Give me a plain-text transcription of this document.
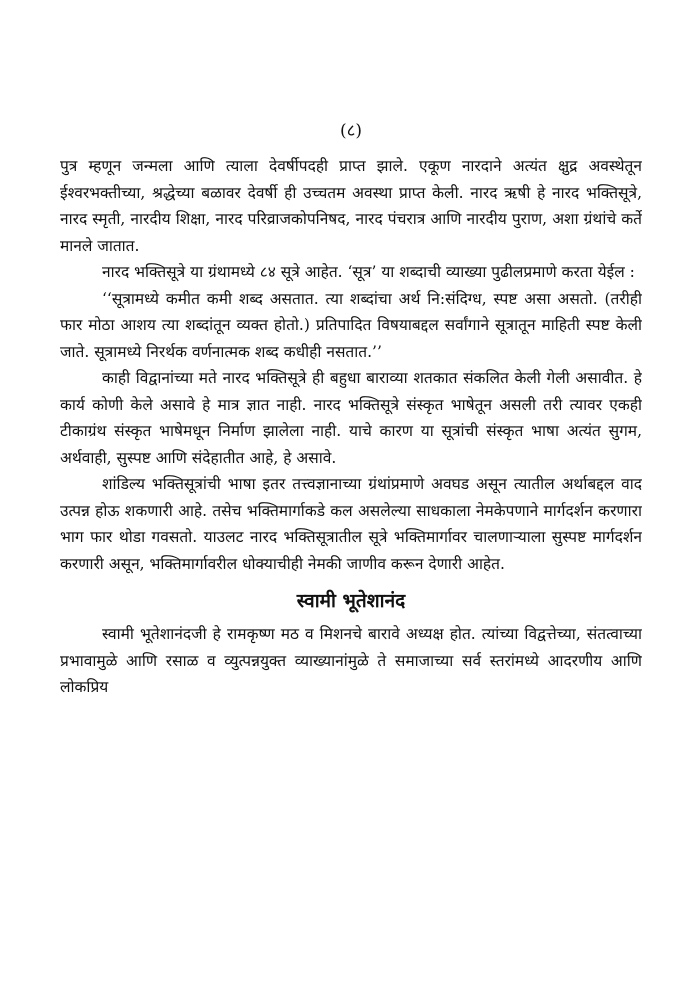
(८)

पुत्र म्हणून जन्मला आणि त्याला देवर्षीपदही प्राप्त झाले. एकूण नारदाने अत्यंत क्षुद्र अवस्थेतून ईश्वरभक्तीच्या, श्रद्धेच्या बळावर देवर्षी ही उच्चतम अवस्था प्राप्त केली. नारद ऋषी हे नारद भक्तिसूत्रे, नारद स्मृती, नारदीय शिक्षा, नारद परिव्राजकोपनिषद, नारद पंचरात्र आणि नारदीय पुराण, अशा ग्रंथांचे कर्ते मानले जातात.

नारद भक्तिसूत्रे या ग्रंथामध्ये ८४ सूत्रे आहेत. ‘सूत्र’ या शब्दाची व्याख्या पुढीलप्रमाणे करता येईल :

‘‘सूत्रामध्ये कमीत कमी शब्द असतात. त्या शब्दांचा अर्थ नि:संदिग्ध, स्पष्ट असा असतो. (तरीही फार मोठा आशय त्या शब्दांतून व्यक्त होतो.) प्रतिपादित विषयाबद्दल सर्वांगाने सूत्रातून माहिती स्पष्ट केली जाते. सूत्रामध्ये निरर्थक वर्णनात्मक शब्द कधीही नसतात.’’

काही विद्वानांच्या मते नारद भक्तिसूत्रे ही बहुधा बाराव्या शतकात संकलित केली गेली असावीत. हे कार्य कोणी केले असावे हे मात्र ज्ञात नाही. नारद भक्तिसूत्रे संस्कृत भाषेतून असली तरी त्यावर एकही टीकाग्रंथ संस्कृत भाषेमधून निर्माण झालेला नाही. याचे कारण या सूत्रांची संस्कृत भाषा अत्यंत सुगम, अर्थवाही, सुस्पष्ट आणि संदेहातीत आहे, हे असावे.

शांडिल्य भक्तिसूत्रांची भाषा इतर तत्त्वज्ञानाच्या ग्रंथांप्रमाणे अवघड असून त्यातील अर्थाबद्दल वाद उत्पन्न होऊ शकणारी आहे. तसेच भक्तिमार्गाकडे कल असलेल्या साधकाला नेमकेपणाने मार्गदर्शन करणारा भाग फार थोडा गवसतो. याउलट नारद भक्तिसूत्रातील सूत्रे भक्तिमार्गावर चालणाऱ्याला सुस्पष्ट मार्गदर्शन करणारी असून, भक्तिमार्गावरील धोक्याचीही नेमकी जाणीव करून देणारी आहेत.

स्वामी भूतेशानंद

स्वामी भूतेशानंदजी हे रामकृष्ण मठ व मिशनचे बारावे अध्यक्ष होत. त्यांच्या विद्वत्तेच्या, संतत्वाच्या प्रभावामुळे आणि रसाळ व व्युत्पन्नयुक्त व्याख्यानांमुळे ते समाजाच्या सर्व स्तरांमध्ये आदरणीय आणि लोकप्रिय
